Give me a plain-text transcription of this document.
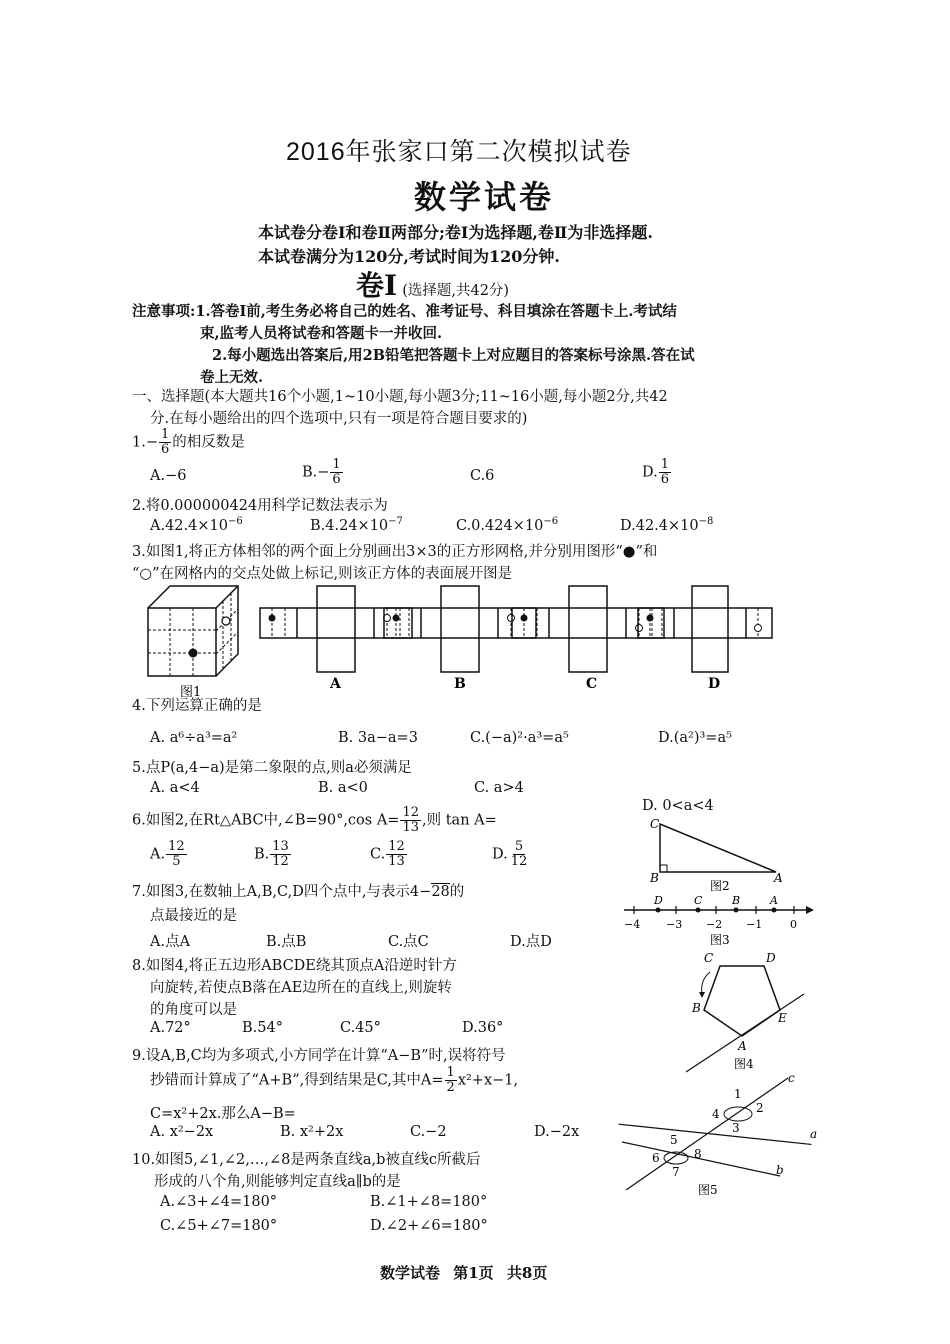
2016年张家口第二次模拟试卷
数学试卷
本试卷分卷Ⅰ和卷Ⅱ两部分;卷Ⅰ为选择题,卷Ⅱ为非选择题.
本试卷满分为120分,考试时间为120分钟.
卷Ⅰ (选择题,共42分)
注意事项:1.答卷Ⅰ前,考生务必将自己的姓名、准考证号、科目填涂在答题卡上.考试结
束,监考人员将试卷和答题卡一并收回.
2.每小题选出答案后,用2B铅笔把答题卡上对应题目的答案标号涂黑.答在试
卷上无效.
一、选择题(本大题共16个小题,1~10小题,每小题3分;11~16小题,每小题2分,共42
分.在每小题给出的四个选项中,只有一项是符合题目要求的)
$1.- \frac{1}{6}$ 的相反数是
A.−6	$B.- \frac{1}{6}$	C.6	D. $\frac{1}{6}$
2.将0.000000424用科学记数法表示为
$A.42.4\times 10^{-6}$	$B.4.24\times 10^{-7}$	$C.0.424\times 10^{-6}$	$D.42.4\times 10^{-8}$
3.如图1,将正方体相邻的两个面上分别画出3×3的正方形网格,并分别用图形“●”和
“○”在网格内的交点处做上标记,则该正方体的表面展开图是
图1
A	B	C	D
4.下列运算正确的是
A. a⁶÷a³=a²	B. 3a−a=3	C.(−a)²·a³=a⁵	D.(a²)³=a⁵
5.点P(a,4−a)是第二象限的点,则a必须满足
A. a<4	B. a<0	C. a>4
D. 0<a<4
6.如图2,在Rt△ABC中,∠B=90°,cos $A= \frac{12}{13}$ ,则 tan A=
A. $\frac{12}{5}$	B. $\frac{13}{12}$	C. $\frac{12}{13}$	D. $\frac{5}{12}$
C
B	A
图2
7.如图3,在数轴上A,B,C,D四个点中,与表示4−28的
点最接近的是
A.点A	B.点B	C.点C	D.点D
−4 −3 −2 −1	0
D	C	B	A
图3
8.如图4,将正五边形ABCDE绕其顶点A沿逆时针方
向旋转,若使点B落在AE边所在的直线上,则旋转
的角度可以是
A.72°	B.54°	C.45°	D.36°
C	D
B
E
A
图4
9.设A,B,C均为多项式,小方同学在计算“A−B”时,误将符号
抄错而计算成了“A+B”,得到结果是C,其中$A= \frac{1}{2} x^2+x-1$,
C=x²+2x.那么A−B=
A. x²−2x	B. x²+2x	C.−2	D.−2x
10.如图5,∠1,∠2,…,∠8是两条直线a,b被直线c所截后
形成的八个角,则能够判定直线a∥b的是
A.∠3+∠4=180°	B.∠1+∠8=180°
C.∠5+∠7=180°	D.∠2+∠6=180°
1
2
3
4
5
6
7
8
a
b
c
图5
数学试卷 第1页 共8页
